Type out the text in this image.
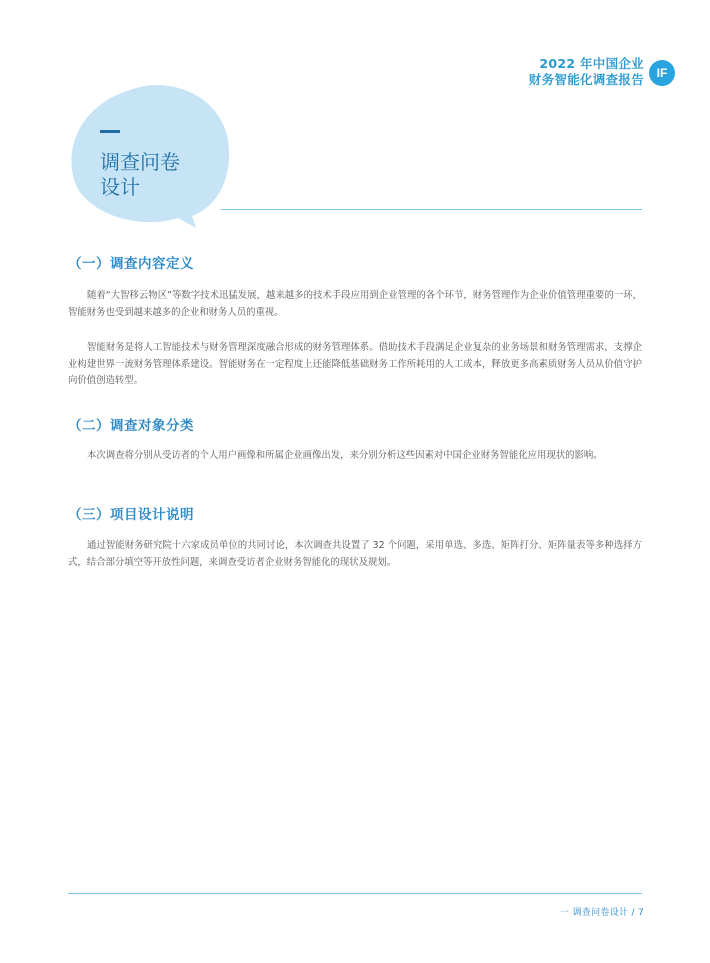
2022 年中国企业
财务智能化调查报告	IF
调查问卷
设计
（一）调查内容定义
随着“大智移云物区”等数字技术迅猛发展，越来越多的技术手段应用到企业管理的各个环节，财务管理作为企业价值管理重要的一环，智能财务也受到越来越多的企业和财务人员的重视。
智能财务是将人工智能技术与财务管理深度融合形成的财务管理体系。借助技术手段满足企业复杂的业务场景和财务管理需求，支撑企业构建世界一流财务管理体系建设。智能财务在一定程度上还能降低基础财务工作所耗用的人工成本，释放更多高素质财务人员从价值守护向价值创造转型。
（二）调查对象分类
本次调查将分别从受访者的个人用户画像和所属企业画像出发，来分别分析这些因素对中国企业财务智能化应用现状的影响。
（三）项目设计说明
通过智能财务研究院十六家成员单位的共同讨论，本次调查共设置了 32 个问题，采用单选、多选、矩阵打分、矩阵量表等多种选择方式，结合部分填空等开放性问题，来调查受访者企业财务智能化的现状及规划。
一 调查问卷设计 / 7
